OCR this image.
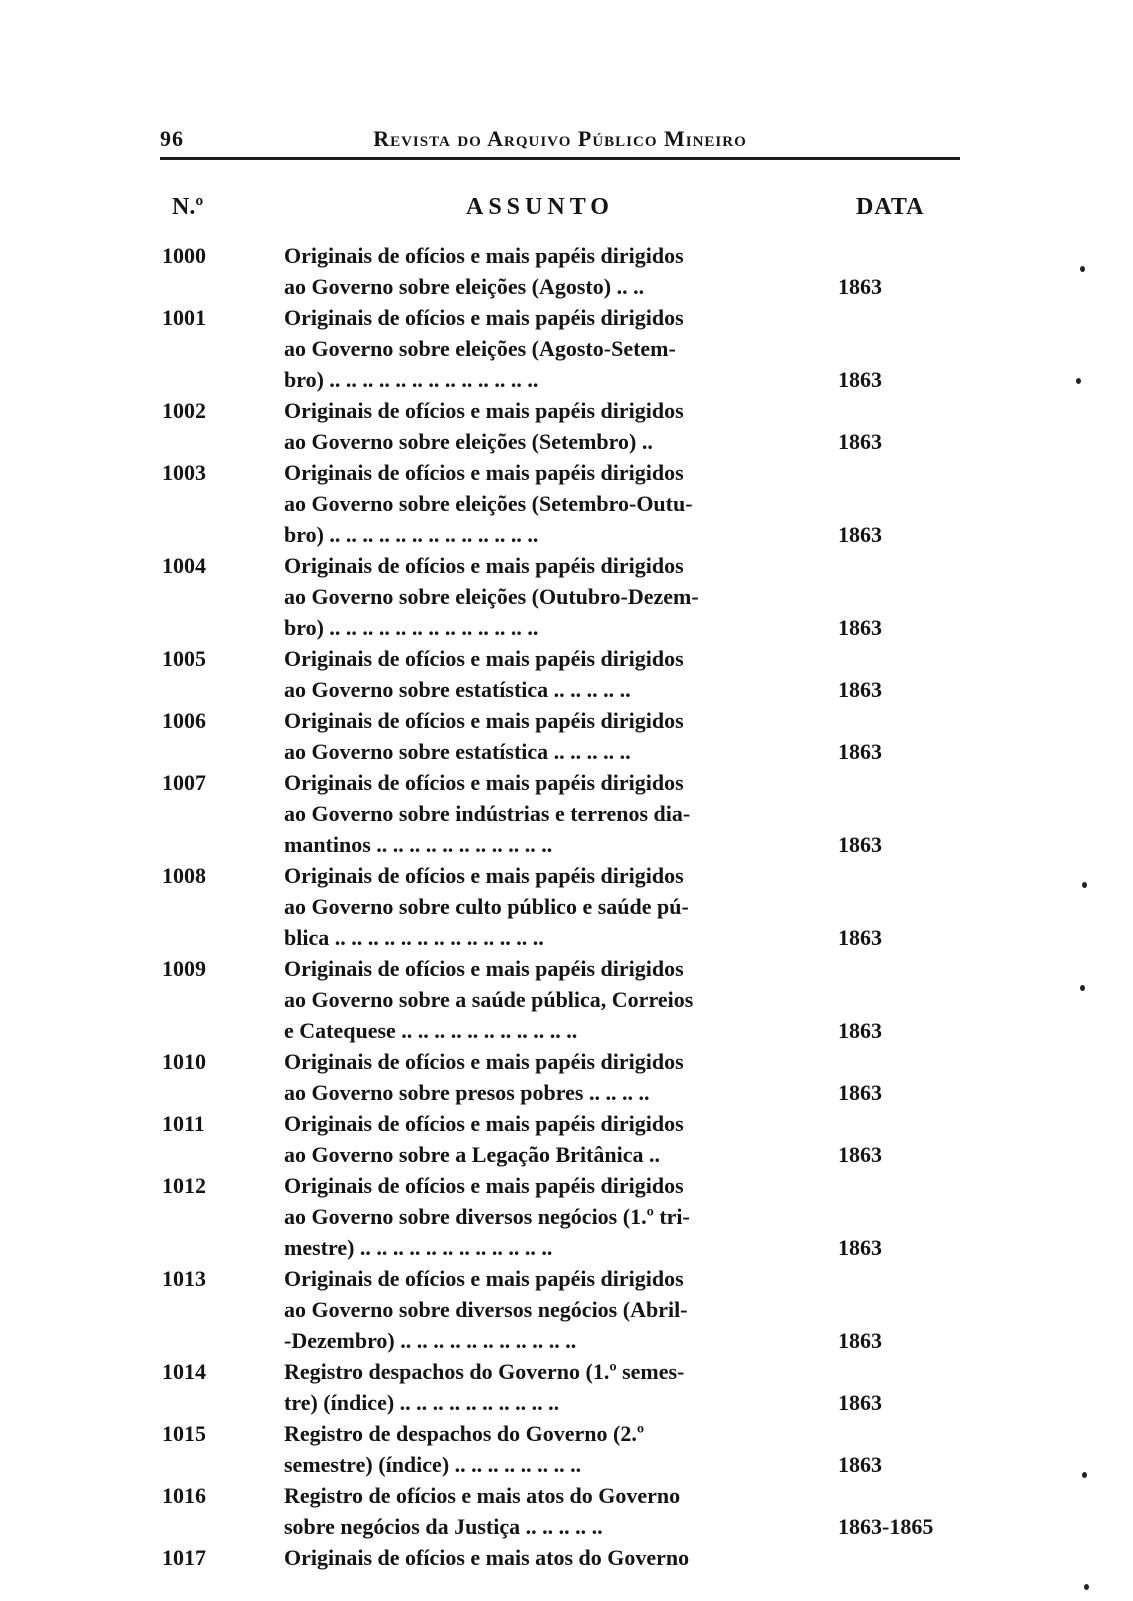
96	Revista do Arquivo Público Mineiro
N.º	ASSUNTO	DATA
1000	Originais de ofícios e mais papéis dirigidos
ao Governo sobre eleições (Agosto) .. ..	1863
1001	Originais de ofícios e mais papéis dirigidos
ao Governo sobre eleições (Agosto-Setem-
bro) .. .. .. .. .. .. .. .. .. .. .. .. ..	1863
1002	Originais de ofícios e mais papéis dirigidos
ao Governo sobre eleições (Setembro) ..	1863
1003	Originais de ofícios e mais papéis dirigidos
ao Governo sobre eleições (Setembro-Outu-
bro) .. .. .. .. .. .. .. .. .. .. .. .. ..	1863
1004	Originais de ofícios e mais papéis dirigidos
ao Governo sobre eleições (Outubro-Dezem-
bro) .. .. .. .. .. .. .. .. .. .. .. .. ..	1863
1005	Originais de ofícios e mais papéis dirigidos
ao Governo sobre estatística .. .. .. .. ..	1863
1006	Originais de ofícios e mais papéis dirigidos
ao Governo sobre estatística .. .. .. .. ..	1863
1007	Originais de ofícios e mais papéis dirigidos
ao Governo sobre indústrias e terrenos dia-
mantinos .. .. .. .. .. .. .. .. .. .. ..	1863
1008	Originais de ofícios e mais papéis dirigidos
ao Governo sobre culto público e saúde pú-
blica .. .. .. .. .. .. .. .. .. .. .. .. ..	1863
1009	Originais de ofícios e mais papéis dirigidos
ao Governo sobre a saúde pública, Correios
e Catequese .. .. .. .. .. .. .. .. .. .. ..	1863
1010	Originais de ofícios e mais papéis dirigidos
ao Governo sobre presos pobres .. .. .. ..	1863
1011	Originais de ofícios e mais papéis dirigidos
ao Governo sobre a Legação Britânica ..	1863
1012	Originais de ofícios e mais papéis dirigidos
ao Governo sobre diversos negócios (1.º tri-
mestre) .. .. .. .. .. .. .. .. .. .. .. ..	1863
1013	Originais de ofícios e mais papéis dirigidos
ao Governo sobre diversos negócios (Abril-
-Dezembro) .. .. .. .. .. .. .. .. .. .. ..	1863
1014	Registro despachos do Governo (1.º semes-
tre) (índice) .. .. .. .. .. .. .. .. .. ..	1863
1015	Registro de despachos do Governo (2.º
semestre) (índice) .. .. .. .. .. .. .. ..	1863
1016	Registro de ofícios e mais atos do Governo
sobre negócios da Justiça .. .. .. .. ..	1863-1865
1017	Originais de ofícios e mais atos do Governo
